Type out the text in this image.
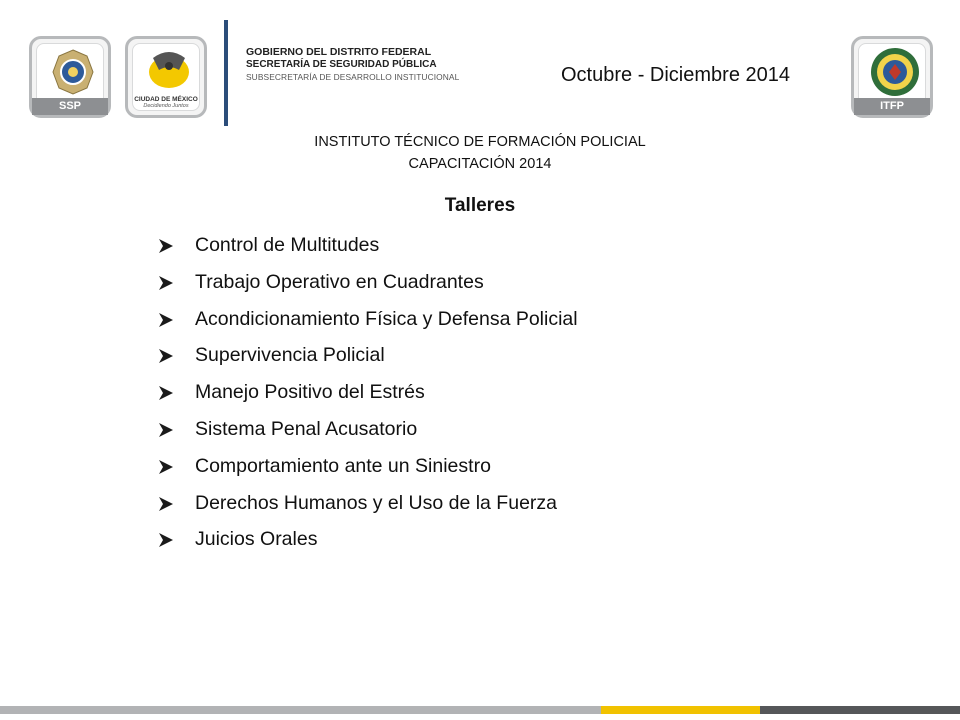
SSP
CIUDAD DE MÉXICO
Decidiendo Juntos
GOBIERNO DEL DISTRITO FEDERAL
SECRETARÍA DE SEGURIDAD PÚBLICA
SUBSECRETARÍA DE DESARROLLO INSTITUCIONAL	Octubre - Diciembre 2014
ITFP
INSTITUTO TÉCNICO DE FORMACIÓN POLICIAL
CAPACITACIÓN 2014
Talleres
Control de Multitudes
Trabajo Operativo en Cuadrantes
Acondicionamiento Física y Defensa Policial
Supervivencia Policial
Manejo Positivo del Estrés
Sistema Penal Acusatorio
Comportamiento ante un Siniestro
Derechos Humanos y el Uso de la Fuerza
Juicios Orales
